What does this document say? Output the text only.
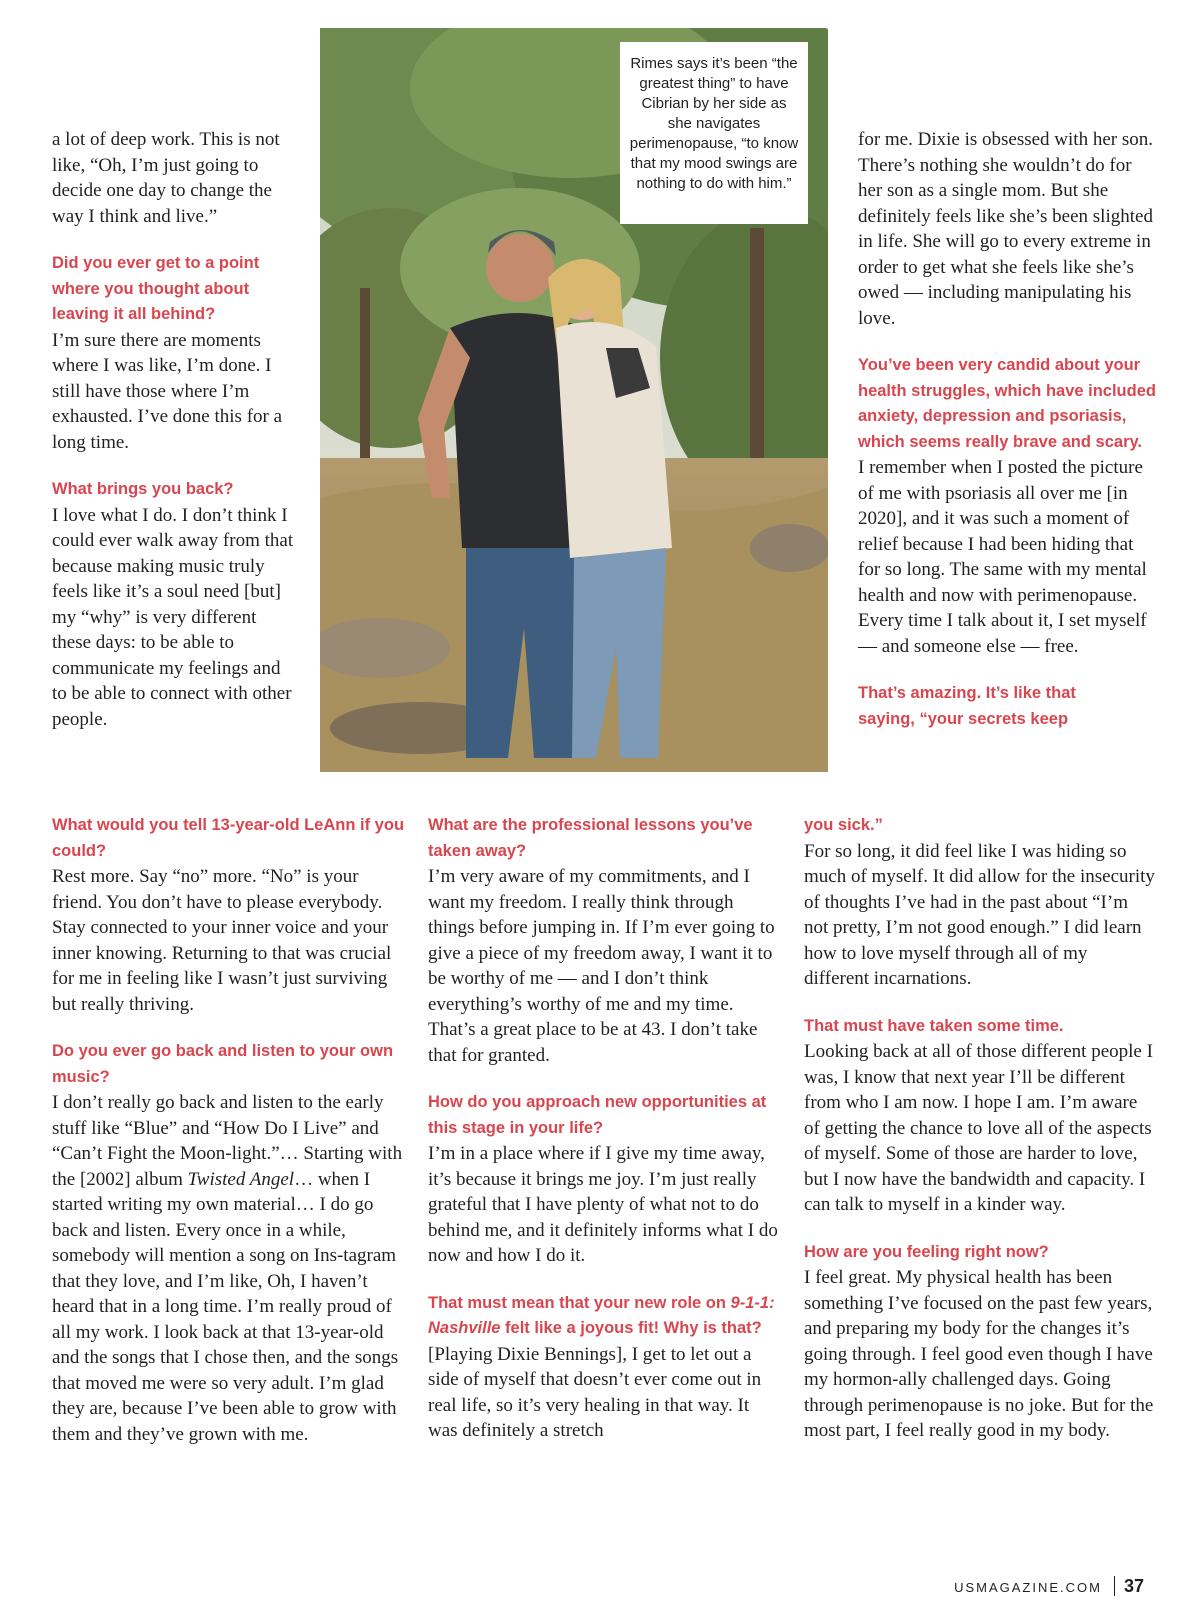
Rimes says it’s been “the greatest thing” to have Cibrian by her side as she navigates perimenopause, “to know that my mood swings are nothing to do with him.”

a lot of deep work. This is not like, “Oh, I’m just going to decide one day to change the way I think and live.”

Did you ever get to a point where you thought about leaving it all behind?

I’m sure there are moments where I was like, I’m done. I still have those where I’m exhausted. I’ve done this for a long time.

What brings you back?

I love what I do. I don’t think I could ever walk away from that because making music truly feels like it’s a soul need [but] my “why” is very different these days: to be able to communicate my feelings and to be able to connect with other people.

What would you tell 13-year-old LeAnn if you could?

Rest more. Say “no” more. “No” is your friend. You don’t have to please everybody. Stay connected to your inner voice and your inner knowing. Returning to that was crucial for me in feeling like I wasn’t just surviving but really thriving.

Do you ever go back and listen to your own music?

I don’t really go back and listen to the early stuff like “Blue” and “How Do I Live” and “Can’t Fight the Moon-light.”… Starting with the [2002] album Twisted Angel… when I started writing my own material… I do go back and listen. Every once in a while, somebody will mention a song on Ins-tagram that they love, and I’m like, Oh, I haven’t heard that in a long time. I’m really proud of all my work. I look back at that 13-year-old and the songs that I chose then, and the songs that moved me were so very adult. I’m glad they are, because I’ve been able to grow with them and they’ve grown with me.

What are the professional lessons you’ve taken away?

I’m very aware of my commitments, and I want my freedom. I really think through things before jumping in. If I’m ever going to give a piece of my freedom away, I want it to be worthy of me — and I don’t think everything’s worthy of me and my time. That’s a great place to be at 43. I don’t take that for granted.

How do you approach new opportunities at this stage in your life?

I’m in a place where if I give my time away, it’s because it brings me joy. I’m just really grateful that I have plenty of what not to do behind me, and it definitely informs what I do now and how I do it.

That must mean that your new role on 9-1-1: Nashville felt like a joyous fit! Why is that?

[Playing Dixie Bennings], I get to let out a side of myself that doesn’t ever come out in real life, so it’s very healing in that way. It was definitely a stretch

for me. Dixie is obsessed with her son. There’s nothing she wouldn’t do for her son as a single mom. But she definitely feels like she’s been slighted in life. She will go to every extreme in order to get what she feels like she’s owed — including manipulating his love.

You’ve been very candid about your health struggles, which have included anxiety, depression and psoriasis, which seems really brave and scary.

I remember when I posted the picture of me with psoriasis all over me [in 2020], and it was such a moment of relief because I had been hiding that for so long. The same with my mental health and now with perimenopause. Every time I talk about it, I set myself — and someone else — free.

That’s amazing. It’s like that

saying, “your secrets keep

you sick.”

For so long, it did feel like I was hiding so much of myself. It did allow for the insecurity of thoughts I’ve had in the past about “I’m not pretty, I’m not good enough.” I did learn how to love myself through all of my different incarnations.

That must have taken some time.

Looking back at all of those different people I was, I know that next year I’ll be different from who I am now. I hope I am. I’m aware of getting the chance to love all of the aspects of myself. Some of those are harder to love, but I now have the bandwidth and capacity. I can talk to myself in a kinder way.

How are you feeling right now?

I feel great. My physical health has been something I’ve focused on the past few years, and preparing my body for the changes it’s going through. I feel good even though I have my hormon-ally challenged days. Going through perimenopause is no joke. But for the most part, I feel really good in my body.

USMAGAZINE.COM 37
